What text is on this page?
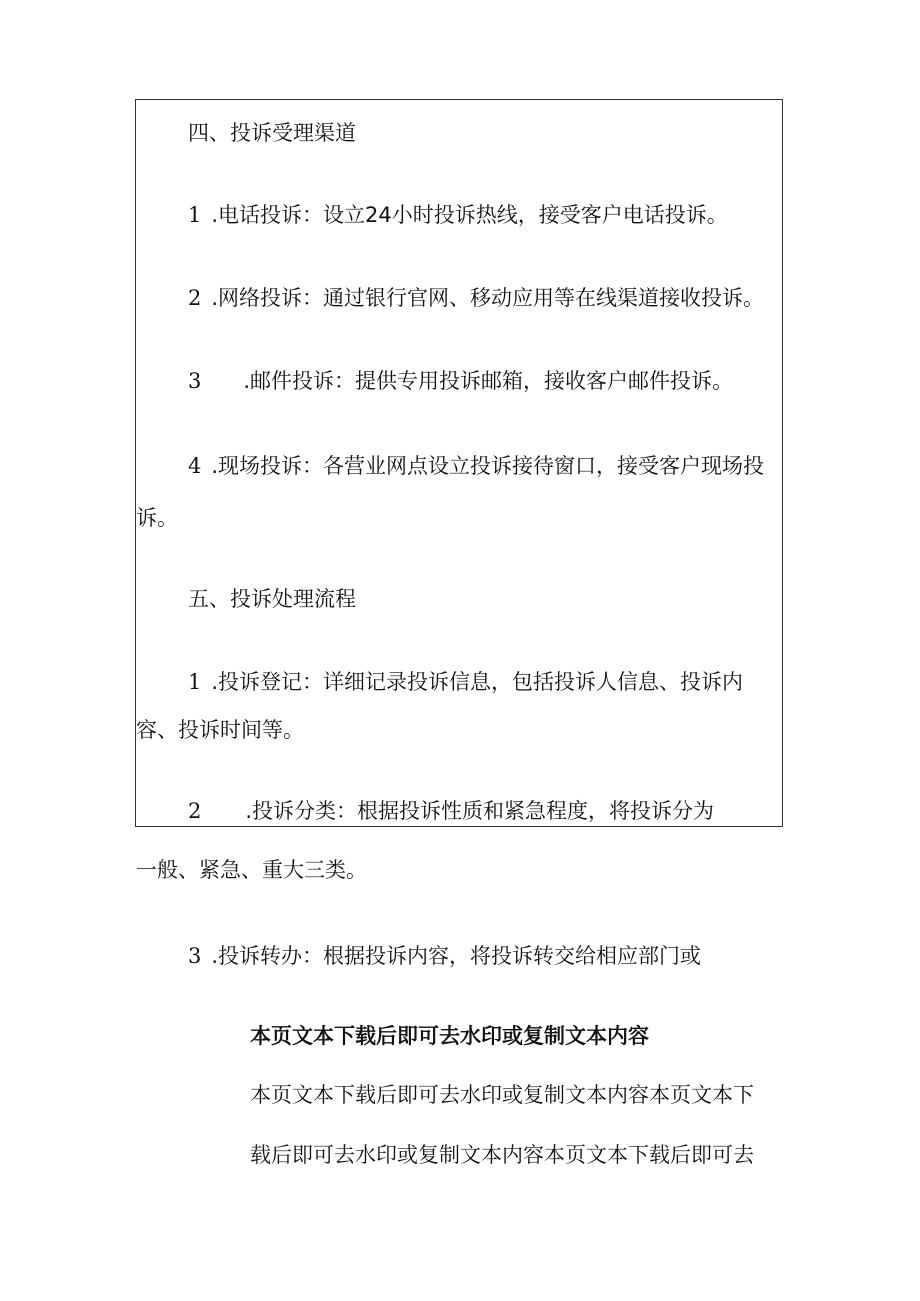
四、投诉受理渠道
1 .电话投诉：设立24小时投诉热线，接受客户电话投诉。
2 .网络投诉：通过银行官网、移动应用等在线渠道接收投诉。
3 .邮件投诉：提供专用投诉邮箱，接收客户邮件投诉。
4 .现场投诉：各营业网点设立投诉接待窗口，接受客户现场投
诉。
五、投诉处理流程
1 .投诉登记：详细记录投诉信息，包括投诉人信息、投诉内
容、投诉时间等。
2 .投诉分类：根据投诉性质和紧急程度，将投诉分为
一般、紧急、重大三类。
3 .投诉转办：根据投诉内容，将投诉转交给相应部门或
本页文本下载后即可去水印或复制文本内容
本页文本下载后即可去水印或复制文本内容本页文本下
载后即可去水印或复制文本内容本页文本下载后即可去
